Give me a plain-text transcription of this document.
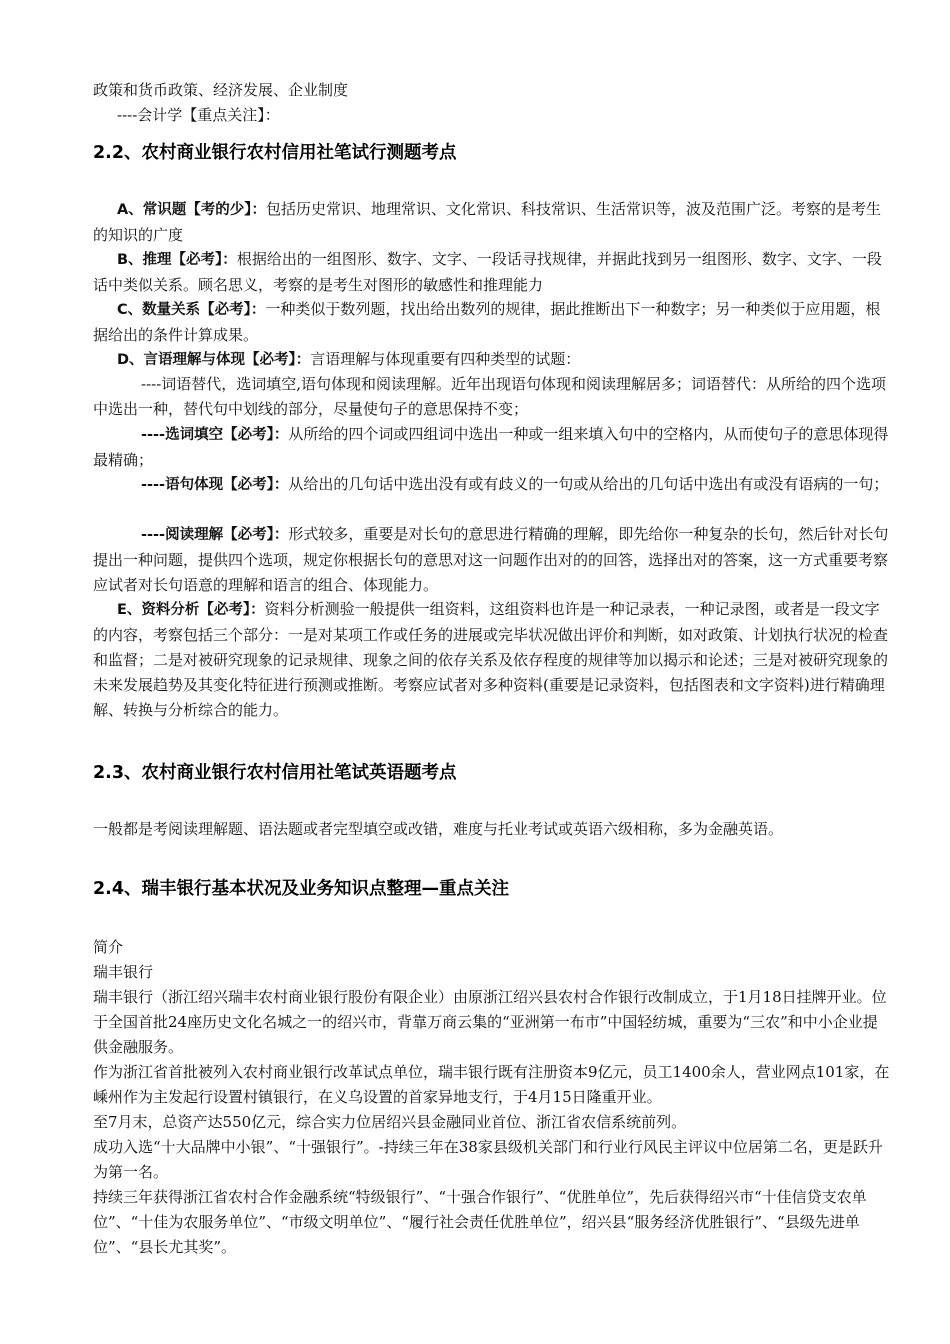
政策和货币政策、经济发展、企业制度

----会计学【重点关注】：

2.2、农村商业银行农村信用社笔试行测题考点

A、常识题【考的少】：包括历史常识、地理常识、文化常识、科技常识、生活常识等，波及范围广泛。考察的是考生的知识的广度

B、推理【必考】：根据给出的一组图形、数字、文字、一段话寻找规律，并据此找到另一组图形、数字、文字、一段话中类似关系。顾名思义，考察的是考生对图形的敏感性和推理能力

C、数量关系【必考】：一种类似于数列题，找出给出数列的规律，据此推断出下一种数字；另一种类似于应用题，根据给出的条件计算成果。

D、言语理解与体现【必考】：言语理解与体现重要有四种类型的试题：

----词语替代，选词填空,语句体现和阅读理解。近年出现语句体现和阅读理解居多；词语替代：从所给的四个选项中选出一种，替代句中划线的部分，尽量使句子的意思保持不变；

----选词填空【必考】：从所给的四个词或四组词中选出一种或一组来填入句中的空格内，从而使句子的意思体现得最精确；

----语句体现【必考】：从给出的几句话中选出没有或有歧义的一句或从给出的几句话中选出有或没有语病的一句；

----阅读理解【必考】：形式较多，重要是对长句的意思进行精确的理解，即先给你一种复杂的长句，然后针对长句提出一种问题，提供四个选项，规定你根据长句的意思对这一问题作出对的的回答，选择出对的答案，这一方式重要考察应试者对长句语意的理解和语言的组合、体现能力。

E、资料分析【必考】：资料分析测验一般提供一组资料，这组资料也许是一种记录表，一种记录图，或者是一段文字的内容，考察包括三个部分：一是对某项工作或任务的进展或完毕状况做出评价和判断，如对政策、计划执行状况的检查和监督；二是对被研究现象的记录规律、现象之间的依存关系及依存程度的规律等加以揭示和论述；三是对被研究现象的未来发展趋势及其变化特征进行预测或推断。考察应试者对多种资料(重要是记录资料，包括图表和文字资料)进行精确理解、转换与分析综合的能力。

2.3、农村商业银行农村信用社笔试英语题考点

一般都是考阅读理解题、语法题或者完型填空或改错，难度与托业考试或英语六级相称，多为金融英语。

2.4、瑞丰银行基本状况及业务知识点整理—重点关注

简介

瑞丰银行

瑞丰银行（浙江绍兴瑞丰农村商业银行股份有限企业）由原浙江绍兴县农村合作银行改制成立，于1月18日挂牌开业。位于全国首批24座历史文化名城之一的绍兴市，背靠万商云集的“亚洲第一布市”中国轻纺城，重要为“三农”和中小企业提供金融服务。

作为浙江省首批被列入农村商业银行改革试点单位，瑞丰银行既有注册资本9亿元，员工1400余人，营业网点101家，在嵊州作为主发起行设置村镇银行，在义乌设置的首家异地支行，于4月15日隆重开业。

至7月末，总资产达550亿元，综合实力位居绍兴县金融同业首位、浙江省农信系统前列。

成功入选“十大品牌中小银”、“十强银行”。-持续三年在38家县级机关部门和行业行风民主评议中位居第二名，更是跃升为第一名。

持续三年获得浙江省农村合作金融系统“特级银行”、“十强合作银行”、“优胜单位”，先后获得绍兴市“十佳信贷支农单位”、“十佳为农服务单位”、“市级文明单位”、“履行社会责任优胜单位”，绍兴县“服务经济优胜银行”、“县级先进单位”、“县长尤其奖”。
